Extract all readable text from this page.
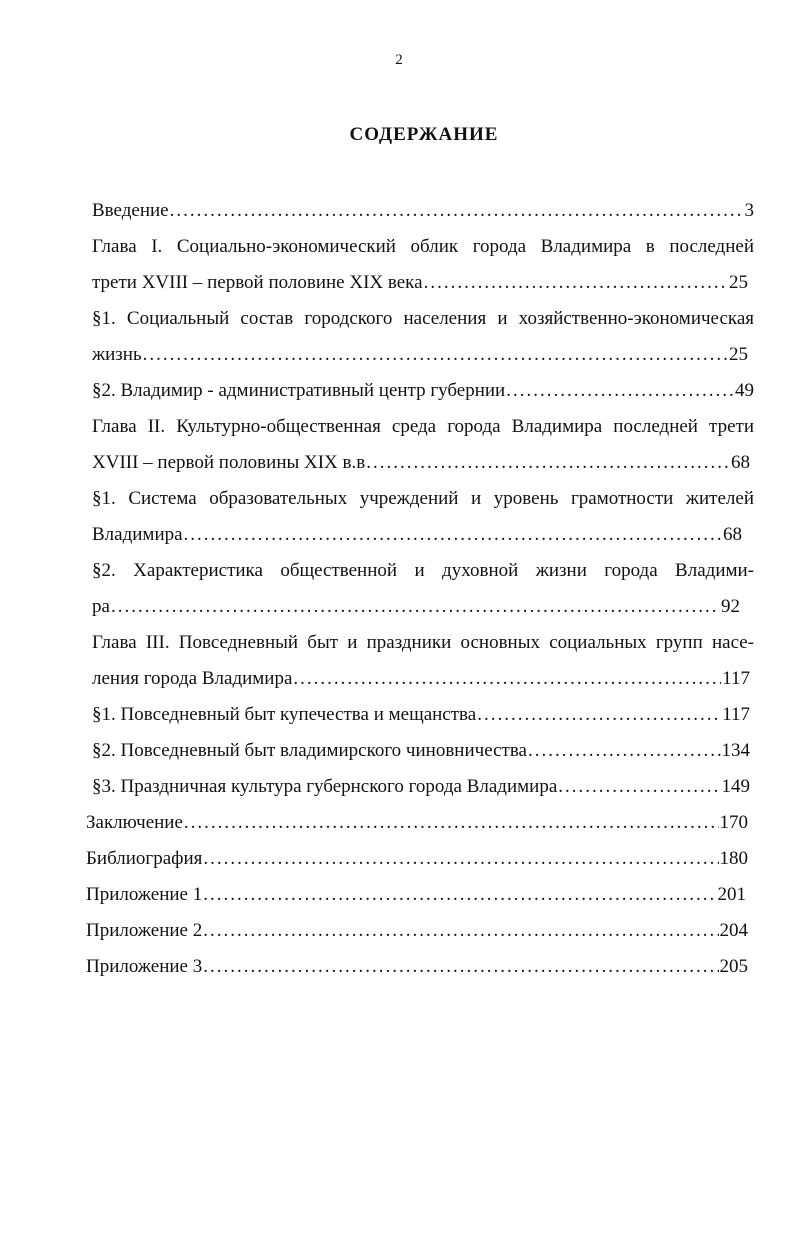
2
СОДЕРЖАНИЕ
Введение .....	3
Глава I. Социально-экономический облик города Владимира в последней
трети XVIII – первой половине XIX века .....	25
§1. Социальный состав городского населения и хозяйственно-экономическая
жизнь .....	25
§2. Владимир - административный центр губернии .....	49
Глава II. Культурно-общественная среда города Владимира последней трети
XVIII – первой половины XIX в.в .....	68
§1. Система образовательных учреждений и уровень грамотности жителей
Владимира .....	68
§2. Характеристика общественной и духовной жизни города Владими-
ра .....	92
Глава III. Повседневный быт и праздники основных социальных групп насе-
ления города Владимира .....	117
§1. Повседневный быт купечества и мещанства .....	117
§2. Повседневный быт владимирского чиновничества .....	134
§3. Праздничная культура губернского города Владимира .....	149
Заключение .....	170
Библиография .....	180
Приложение 1 .....	201
Приложение 2 .....	204
Приложение 3 .....	205
